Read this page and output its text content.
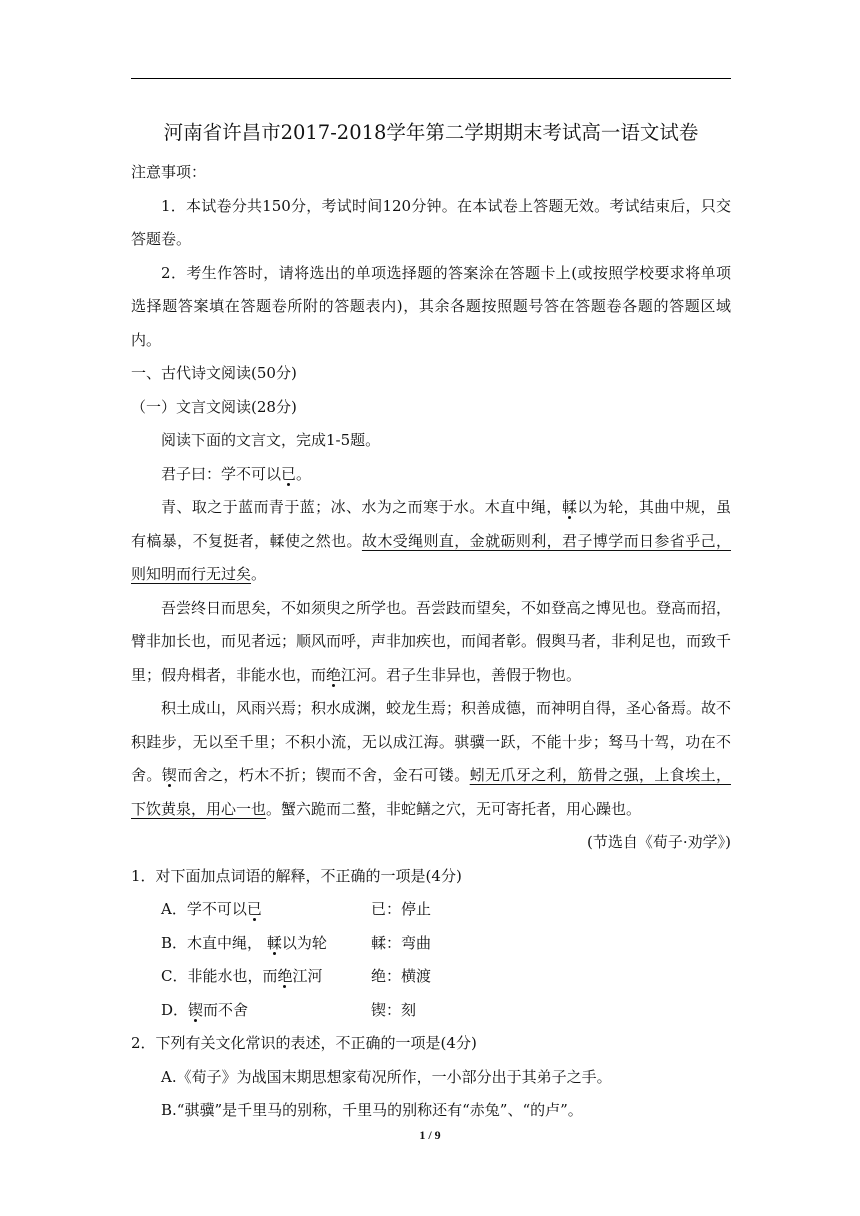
河南省许昌市2017-2018学年第二学期期末考试高一语文试卷

注意事项：

1．本试卷分共150分，考试时间120分钟。在本试卷上答题无效。考试结束后，只交答题卷。

2．考生作答时，请将选出的单项选择题的答案涂在答题卡上(或按照学校要求将单项选择题答案填在答题卷所附的答题表内)，其余各题按照题号答在答题卷各题的答题区域内。

一、古代诗文阅读(50分)

（一）文言文阅读(28分)

阅读下面的文言文，完成1-5题。

君子曰：学不可以已。

青、取之于蓝而青于蓝；冰、水为之而寒于水。木直中绳，輮以为轮，其曲中规，虽有槁暴，不复挺者，輮使之然也。故木受绳则直，金就砺则利，君子博学而日参省乎己，则知明而行无过矣。

吾尝终日而思矣，不如须臾之所学也。吾尝跂而望矣，不如登高之博见也。登高而招，臂非加长也，而见者远；顺风而呼，声非加疾也，而闻者彰。假舆马者，非利足也，而致千里；假舟楫者，非能水也，而绝江河。君子生非异也，善假于物也。

积土成山，风雨兴焉；积水成渊，蛟龙生焉；积善成德，而神明自得，圣心备焉。故不积跬步，无以至千里；不积小流，无以成江海。骐骥一跃，不能十步；驽马十驾，功在不舍。锲而舍之，朽木不折；锲而不舍，金石可镂。蚓无爪牙之利，筋骨之强，上食埃土，下饮黄泉，用心一也。蟹六跪而二螯，非蛇鳝之穴，无可寄托者，用心躁也。

(节选自《荀子·劝学》)

1．对下面加点词语的解释，不正确的一项是(4分)

A．学不可以已	已：停止
B．木直中绳， 輮以为轮	輮：弯曲
C．非能水也，而绝江河	绝：横渡
D．锲而不舍	锲：刻

2．下列有关文化常识的表述，不正确的一项是(4分)

A.《荀子》为战国末期思想家荀况所作，一小部分出于其弟子之手。

B.“骐骥”是千里马的别称，千里马的别称还有“赤兔”、“的卢”。

1 / 9
